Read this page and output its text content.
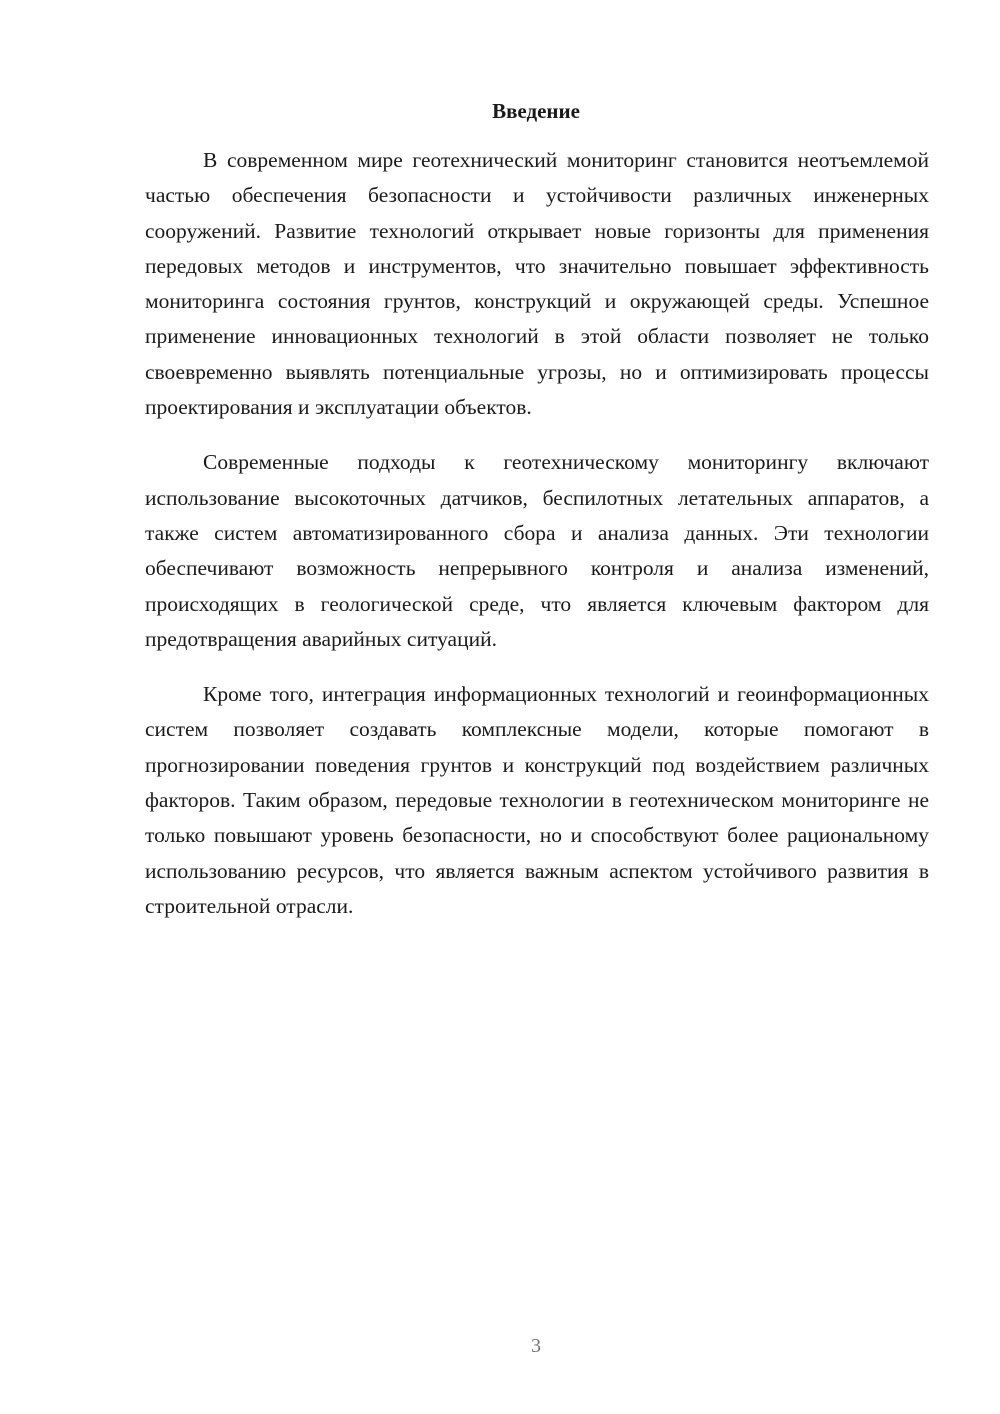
Введение

В современном мире геотехнический мониторинг становится неотъемлемой частью обеспечения безопасности и устойчивости различных инженерных сооружений. Развитие технологий открывает новые горизонты для применения передовых методов и инструментов, что значительно повышает эффективность мониторинга состояния грунтов, конструкций и окружающей среды. Успешное применение инновационных технологий в этой области позволяет не только своевременно выявлять потенциальные угрозы, но и оптимизировать процессы проектирования и эксплуатации объектов.

Современные подходы к геотехническому мониторингу включают использование высокоточных датчиков, беспилотных летательных аппаратов, а также систем автоматизированного сбора и анализа данных. Эти технологии обеспечивают возможность непрерывного контроля и анализа изменений, происходящих в геологической среде, что является ключевым фактором для предотвращения аварийных ситуаций.

Кроме того, интеграция информационных технологий и геоинформационных систем позволяет создавать комплексные модели, которые помогают в прогнозировании поведения грунтов и конструкций под воздействием различных факторов. Таким образом, передовые технологии в геотехническом мониторинге не только повышают уровень безопасности, но и способствуют более рациональному использованию ресурсов, что является важным аспектом устойчивого развития в строительной отрасли.

3
